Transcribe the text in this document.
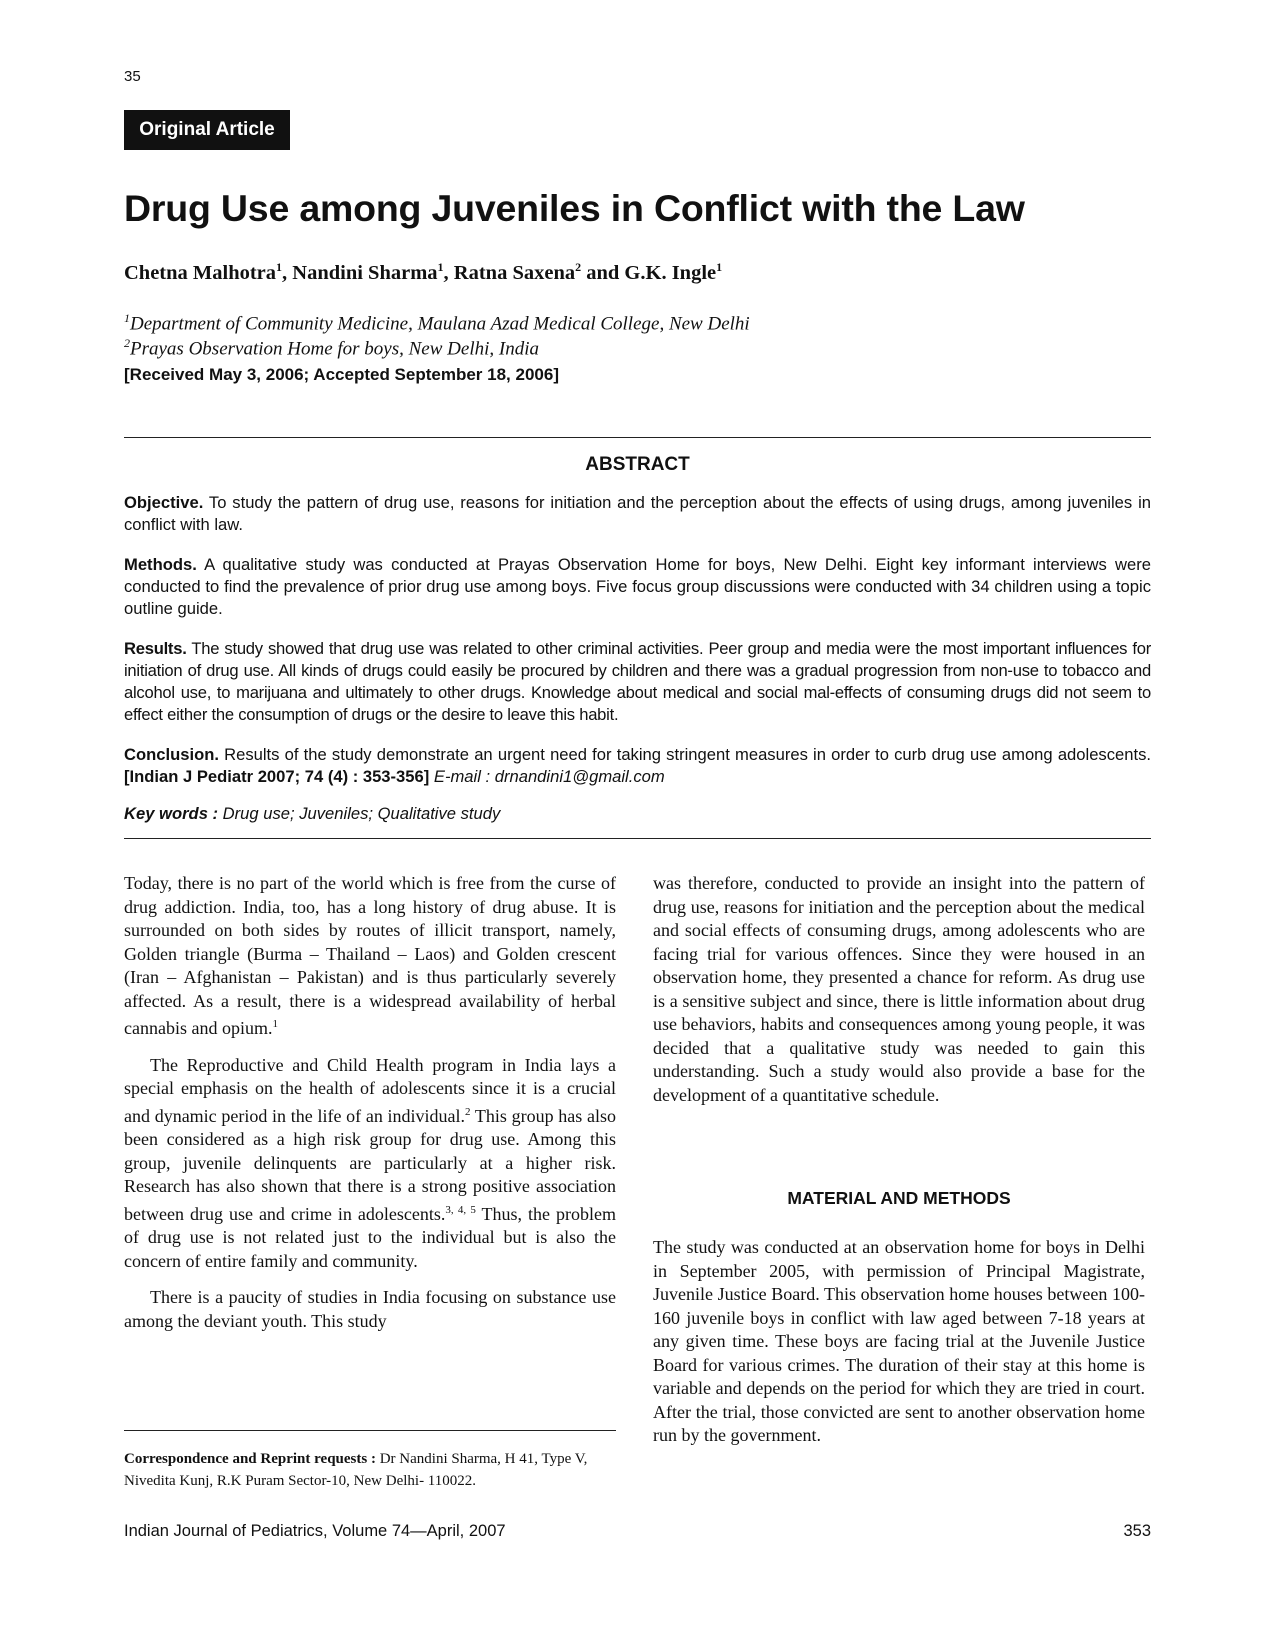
35
Original Article
Drug Use among Juveniles in Conflict with the Law
Chetna Malhotra$^1$, Nandini Sharma$^1$, Ratna Saxena$^2$ and G.K. Ingle$^1$
$^1$Department of Community Medicine, Maulana Azad Medical College, New Delhi
$^2$Prayas Observation Home for boys, New Delhi, India
[Received May 3, 2006; Accepted September 18, 2006]
ABSTRACT
Objective. To study the pattern of drug use, reasons for initiation and the perception about the effects of using drugs, among juveniles in conflict with law.
Methods. A qualitative study was conducted at Prayas Observation Home for boys, New Delhi. Eight key informant interviews were conducted to find the prevalence of prior drug use among boys. Five focus group discussions were conducted with 34 children using a topic outline guide.
Results. The study showed that drug use was related to other criminal activities. Peer group and media were the most important influences for initiation of drug use. All kinds of drugs could easily be procured by children and there was a gradual progression from non-use to tobacco and alcohol use, to marijuana and ultimately to other drugs. Knowledge about medical and social mal-effects of consuming drugs did not seem to effect either the consumption of drugs or the desire to leave this habit.
Conclusion. Results of the study demonstrate an urgent need for taking stringent measures in order to curb drug use among adolescents. [Indian J Pediatr 2007; 74 (4) : 353-356] E-mail : drnandini1@gmail.com
Key words : Drug use; Juveniles; Qualitative study

Today, there is no part of the world which is free from the curse of drug addiction. India, too, has a long history of drug abuse. It is surrounded on both sides by routes of illicit transport, namely, Golden triangle (Burma – Thailand – Laos) and Golden crescent (Iran – Afghanistan – Pakistan) and is thus particularly severely affected. As a result, there is a widespread availability of herbal cannabis and opium.$^1$

The Reproductive and Child Health program in India lays a special emphasis on the health of adolescents since it is a crucial and dynamic period in the life of an individual.$^2$ This group has also been considered as a high risk group for drug use. Among this group, juvenile delinquents are particularly at a higher risk. Research has also shown that there is a strong positive association between drug use and crime in adolescents.$^{3, 4, 5}$ Thus, the problem of drug use is not related just to the individual but is also the concern of entire family and community.

There is a paucity of studies in India focusing on substance use among the deviant youth. This study

was therefore, conducted to provide an insight into the pattern of drug use, reasons for initiation and the perception about the medical and social effects of consuming drugs, among adolescents who are facing trial for various offences. Since they were housed in an observation home, they presented a chance for reform. As drug use is a sensitive subject and since, there is little information about drug use behaviors, habits and consequences among young people, it was decided that a qualitative study was needed to gain this understanding. Such a study would also provide a base for the development of a quantitative schedule.

MATERIAL AND METHODS

The study was conducted at an observation home for boys in Delhi in September 2005, with permission of Principal Magistrate, Juvenile Justice Board. This observation home houses between 100-160 juvenile boys in conflict with law aged between 7-18 years at any given time. These boys are facing trial at the Juvenile Justice Board for various crimes. The duration of their stay at this home is variable and depends on the period for which they are tried in court. After the trial, those convicted are sent to another observation home run by the government.

Correspondence and Reprint requests : Dr Nandini Sharma, H 41, Type V, Nivedita Kunj, R.K Puram Sector-10, New Delhi- 110022.
Indian Journal of Pediatrics, Volume 74—April, 2007	353
